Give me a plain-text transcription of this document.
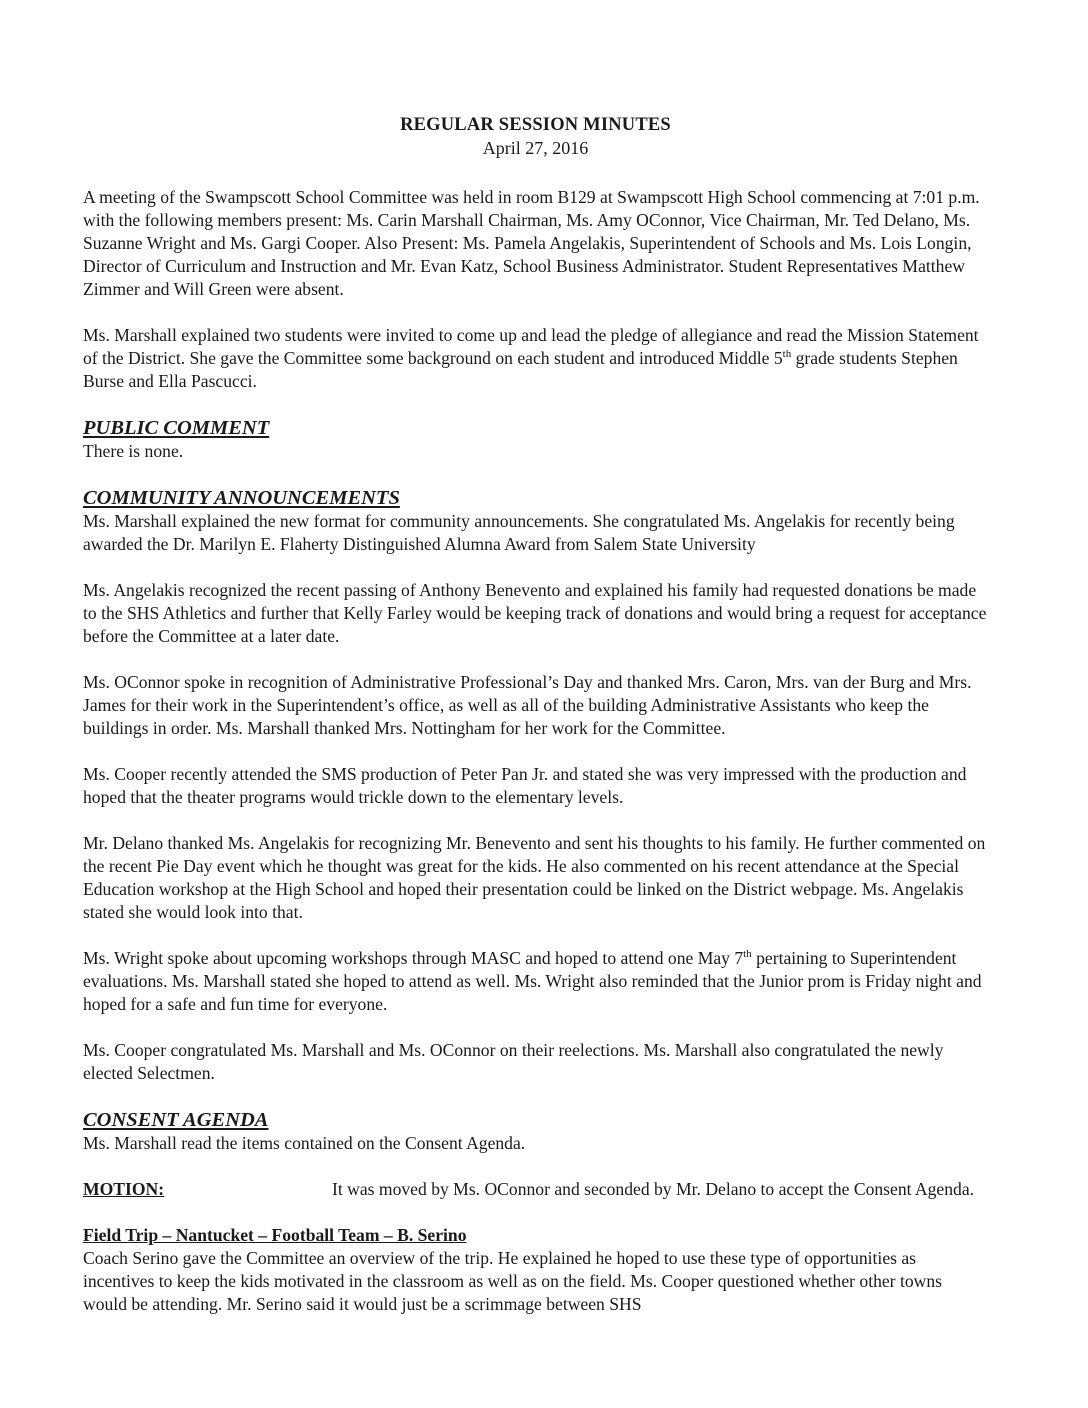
REGULAR SESSION MINUTES
April 27, 2016

A meeting of the Swampscott School Committee was held in room B129 at Swampscott High School commencing at 7:01 p.m. with the following members present: Ms. Carin Marshall Chairman, Ms. Amy OConnor, Vice Chairman, Mr. Ted Delano, Ms. Suzanne Wright and Ms. Gargi Cooper. Also Present: Ms. Pamela Angelakis, Superintendent of Schools and Ms. Lois Longin, Director of Curriculum and Instruction and Mr. Evan Katz, School Business Administrator. Student Representatives Matthew Zimmer and Will Green were absent.

Ms. Marshall explained two students were invited to come up and lead the pledge of allegiance and read the Mission Statement of the District. She gave the Committee some background on each student and introduced Middle 5th grade students Stephen Burse and Ella Pascucci.

PUBLIC COMMENT

There is none.

COMMUNITY ANNOUNCEMENTS

Ms. Marshall explained the new format for community announcements. She congratulated Ms. Angelakis for recently being awarded the Dr. Marilyn E. Flaherty Distinguished Alumna Award from Salem State University

Ms. Angelakis recognized the recent passing of Anthony Benevento and explained his family had requested donations be made to the SHS Athletics and further that Kelly Farley would be keeping track of donations and would bring a request for acceptance before the Committee at a later date.

Ms. OConnor spoke in recognition of Administrative Professional’s Day and thanked Mrs. Caron, Mrs. van der Burg and Mrs. James for their work in the Superintendent’s office, as well as all of the building Administrative Assistants who keep the buildings in order. Ms. Marshall thanked Mrs. Nottingham for her work for the Committee.

Ms. Cooper recently attended the SMS production of Peter Pan Jr. and stated she was very impressed with the production and hoped that the theater programs would trickle down to the elementary levels.

Mr. Delano thanked Ms. Angelakis for recognizing Mr. Benevento and sent his thoughts to his family. He further commented on the recent Pie Day event which he thought was great for the kids. He also commented on his recent attendance at the Special Education workshop at the High School and hoped their presentation could be linked on the District webpage. Ms. Angelakis stated she would look into that.

Ms. Wright spoke about upcoming workshops through MASC and hoped to attend one May 7th pertaining to Superintendent evaluations. Ms. Marshall stated she hoped to attend as well. Ms. Wright also reminded that the Junior prom is Friday night and hoped for a safe and fun time for everyone.

Ms. Cooper congratulated Ms. Marshall and Ms. OConnor on their reelections. Ms. Marshall also congratulated the newly elected Selectmen.

CONSENT AGENDA

Ms. Marshall read the items contained on the Consent Agenda.

MOTION:	It was moved by Ms. OConnor and seconded by Mr. Delano to accept the Consent Agenda.
Field Trip – Nantucket – Football Team – B. Serino

Coach Serino gave the Committee an overview of the trip. He explained he hoped to use these type of opportunities as incentives to keep the kids motivated in the classroom as well as on the field. Ms. Cooper questioned whether other towns would be attending. Mr. Serino said it would just be a scrimmage between SHS
